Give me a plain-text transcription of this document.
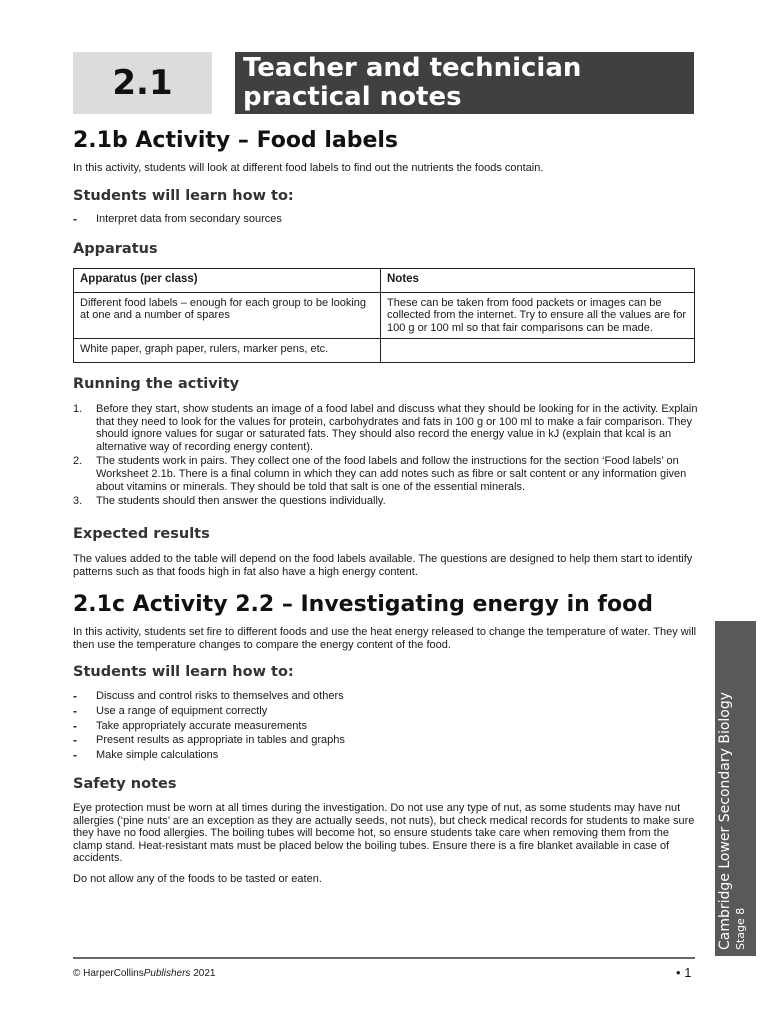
2.1	Teacher and technician practical notes
2.1b Activity – Food labels

In this activity, students will look at different food labels to find out the nutrients the foods contain.

Students will learn how to:
- Interpret data from secondary sources
Apparatus
Apparatus (per class)	Notes
Different food labels – enough for each group to be looking at one and a number of spares	These can be taken from food packets or images can be collected from the internet. Try to ensure all the values are for 100 g or 100 ml so that fair comparisons can be made.
White paper, graph paper, rulers, marker pens, etc.	
Running the activity
1. Before they start, show students an image of a food label and discuss what they should be looking for in the activity. Explain that they need to look for the values for protein, carbohydrates and fats in 100 g or 100 ml to make a fair comparison. They should ignore values for sugar or saturated fats. They should also record the energy value in kJ (explain that kcal is an alternative way of recording energy content).
2. The students work in pairs. They collect one of the food labels and follow the instructions for the section ‘Food labels’ on Worksheet 2.1b. There is a final column in which they can add notes such as fibre or salt content or any information given about vitamins or minerals. They should be told that salt is one of the essential minerals.
3. The students should then answer the questions individually.
Expected results

The values added to the table will depend on the food labels available. The questions are designed to help them start to identify patterns such as that foods high in fat also have a high energy content.

2.1c Activity 2.2 – Investigating energy in food

In this activity, students set fire to different foods and use the heat energy released to change the temperature of water. They will then use the temperature changes to compare the energy content of the food.

Students will learn how to:
- Discuss and control risks to themselves and others
- Use a range of equipment correctly
- Take appropriately accurate measurements
- Present results as appropriate in tables and graphs
- Make simple calculations
Safety notes

Eye protection must be worn at all times during the investigation. Do not use any type of nut, as some students may have nut allergies (‘pine nuts’ are an exception as they are actually seeds, not nuts), but check medical records for students to make sure they have no food allergies. The boiling tubes will become hot, so ensure students take care when removing them from the clamp stand. Heat-resistant mats must be placed below the boiling tubes. Ensure there is a fire blanket available in case of accidents.

Do not allow any of the foods to be tasted or eaten.	Cambridge Lower Secondary Biology Stage 8
© HarperCollinsPublishers 2021	• 1
